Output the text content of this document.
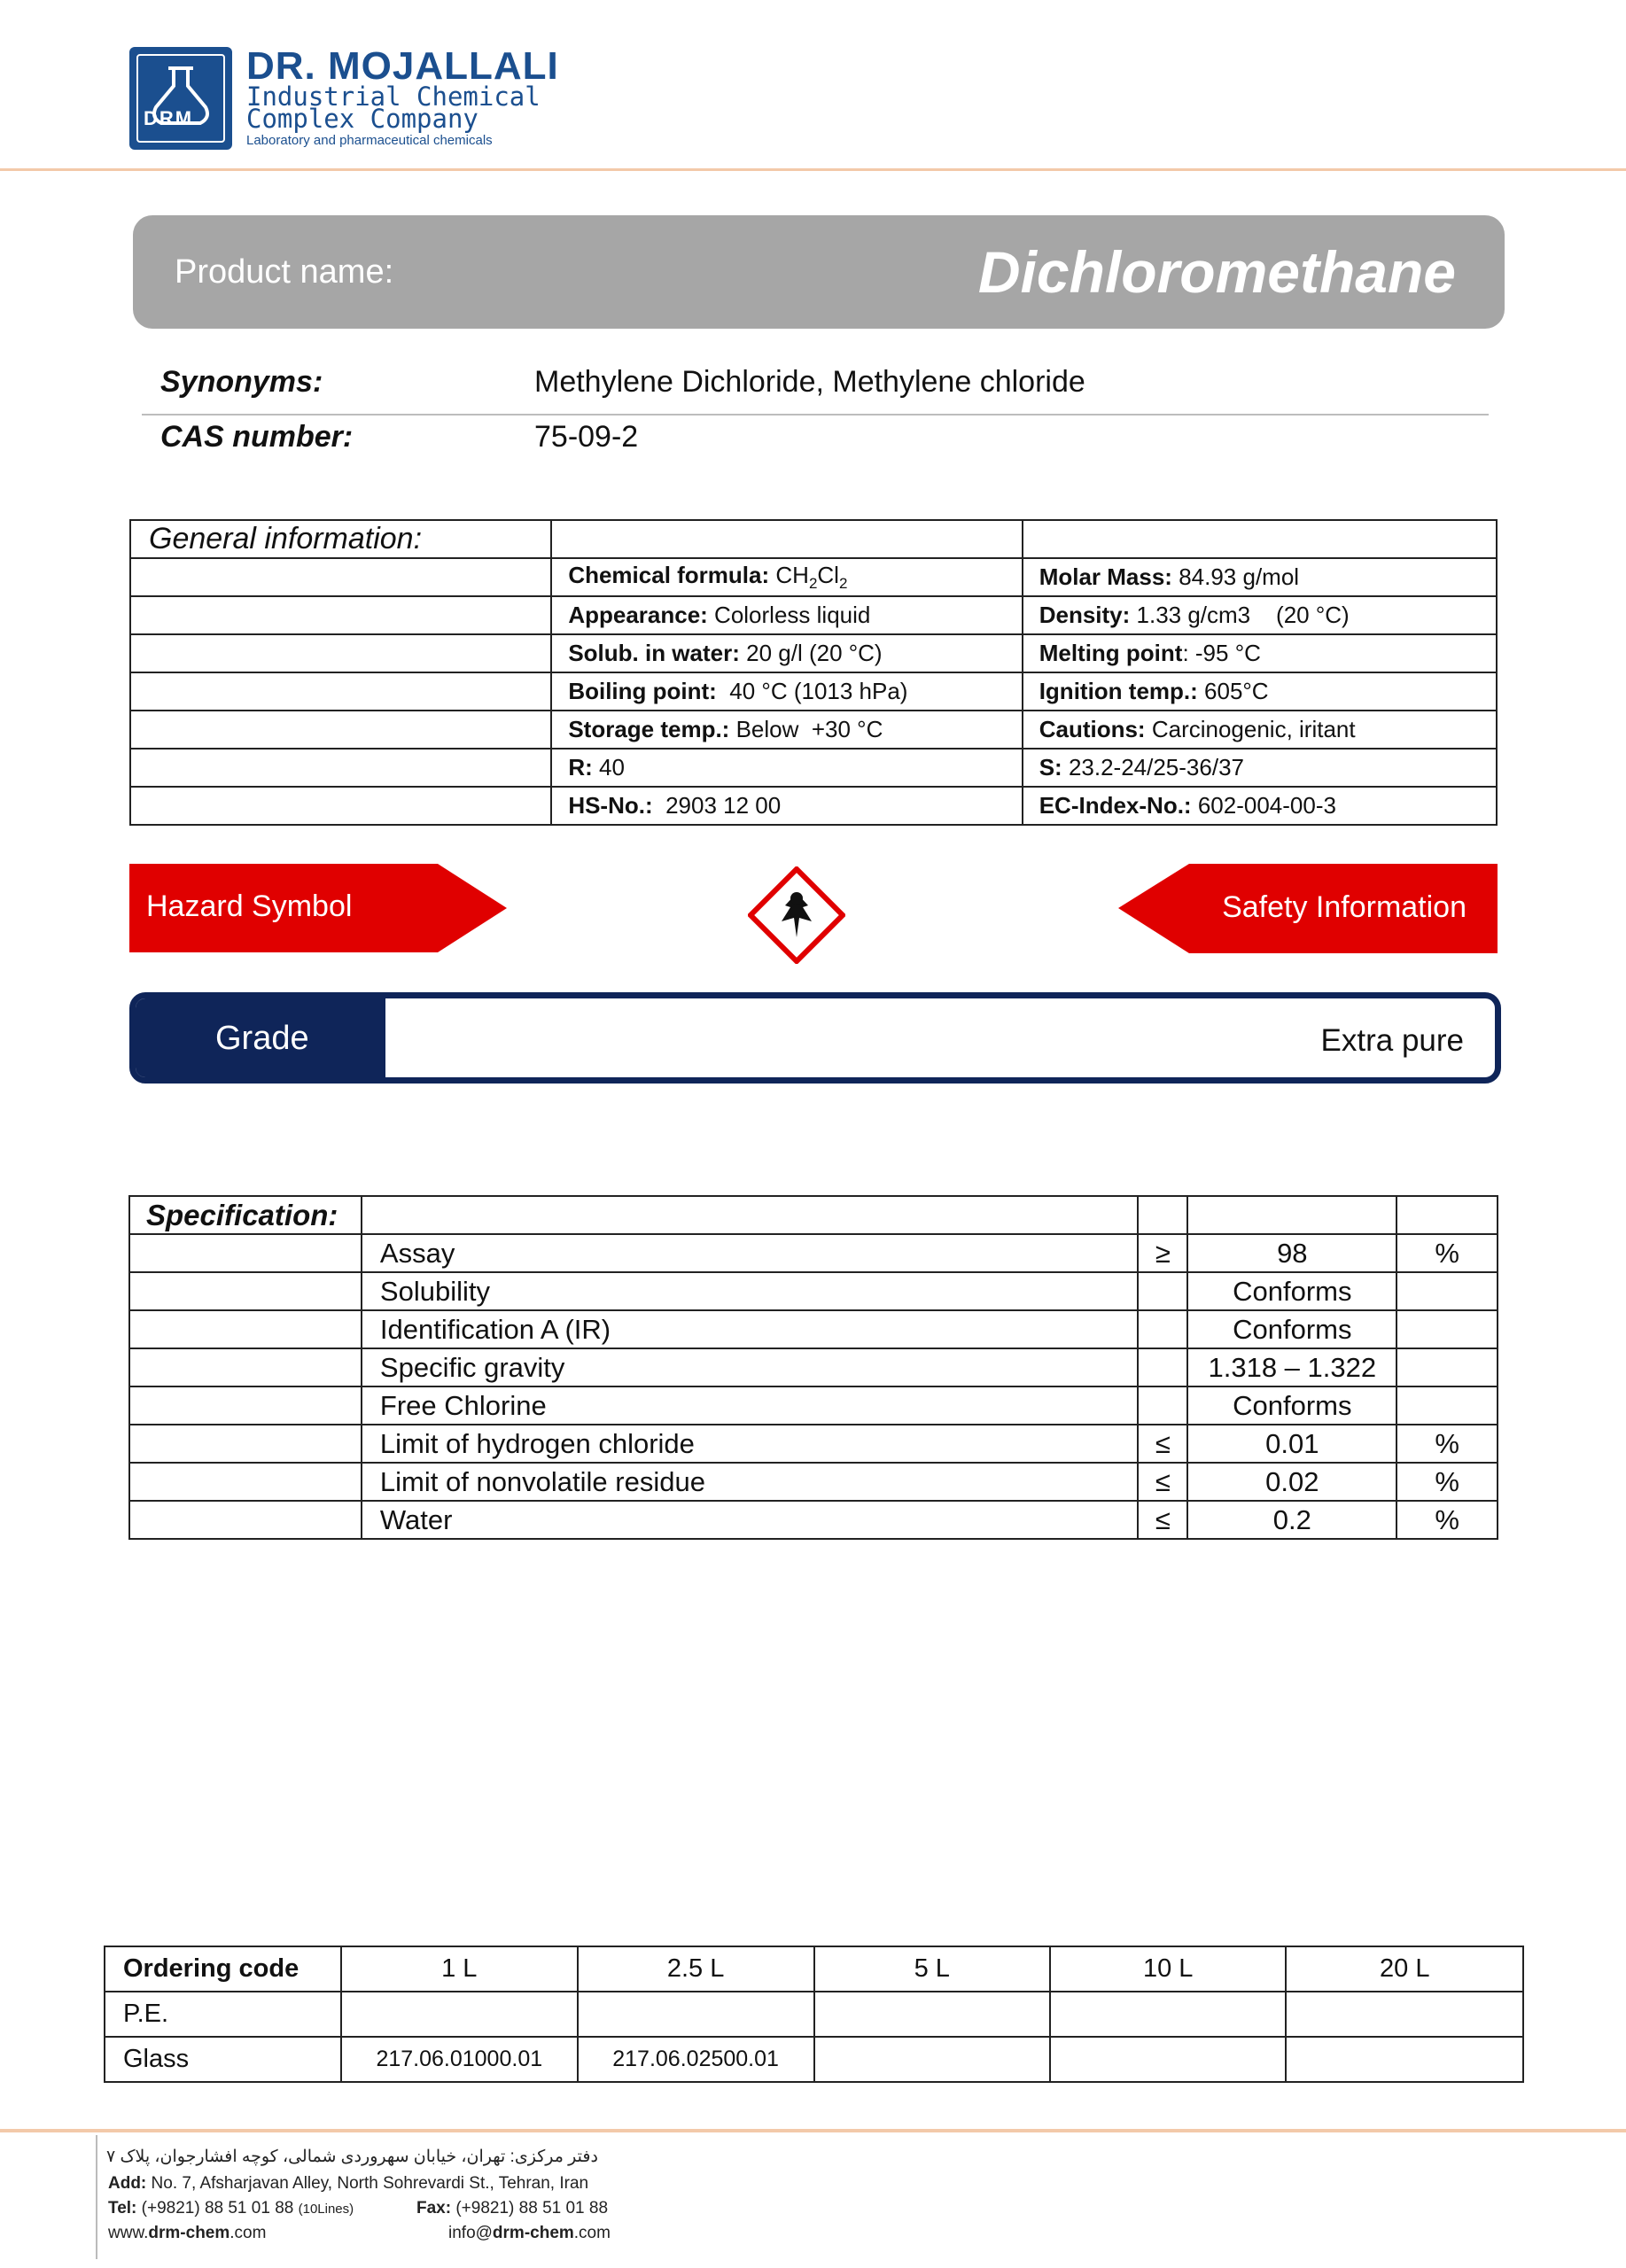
DRM
DR. MOJALLALI
Industrial Chemical
Complex Company
Laboratory and pharmaceutical chemicals
Product name:	Dichloromethane
Synonyms:	Methylene Dichloride, Methylene chloride
CAS number:	75-09-2
General information:		
	Chemical formula: $CH_2Cl_2$	Molar Mass: 84.93 g/mol
	Appearance: Colorless liquid	Density: 1.33 g/cm3    (20 °C)
	Solub. in water: 20 g/l (20 °C)	Melting point: -95 °C
	Boiling point:  40 °C (1013 hPa)	Ignition temp.: 605°C
	Storage temp.: Below  +30 °C	Cautions: Carcinogenic, iritant
	R: 40	S: 23.2-24/25-36/37
	HS-No.:  2903 12 00	EC-Index-No.: 602-004-00-3
Hazard Symbol	Safety Information
Grade	Extra pure
Specification:				
	Assay	≥	98	%
	Solubility		Conforms	
	Identification A (IR)		Conforms	
	Specific gravity		1.318 – 1.322	
	Free Chlorine		Conforms	
	Limit of hydrogen chloride	≤	0.01	%
	Limit of nonvolatile residue	≤	0.02	%
	Water	≤	0.2	%
Ordering code	1 L	2.5 L	5 L	10 L	20 L
P.E.					
Glass	217.06.01000.01	217.06.02500.01			
دفتر مرکزی: تهران، خیابان سهروردی شمالی، کوچه افشارجوان، پلاک ۷
Add: No. 7, Afsharjavan Alley, North Sohrevardi St., Tehran, Iran
Tel: (+9821) 88 51 01 88 (10Lines)	Fax: (+9821) 88 51 01 88
www.drm-chem.com	info@drm-chem.com
